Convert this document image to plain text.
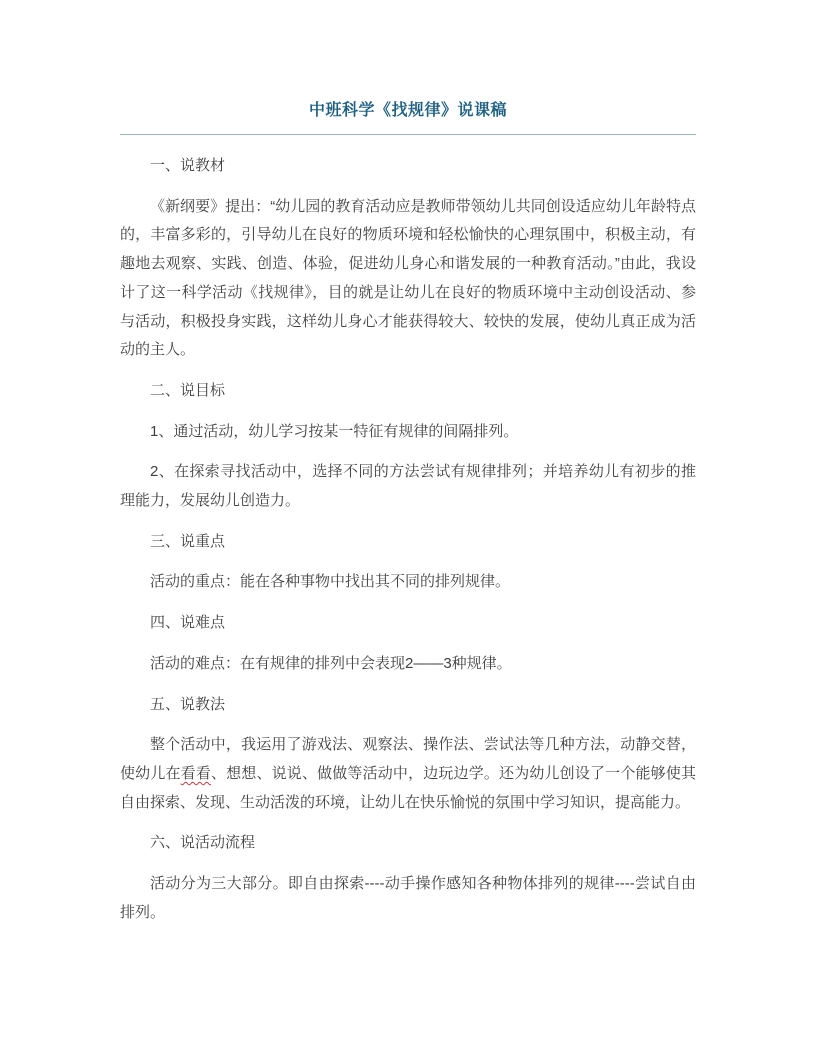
中班科学《找规律》说课稿

一、说教材

《新纲要》提出：“幼儿园的教育活动应是教师带领幼儿共同创设适应幼儿年龄特点的，丰富多彩的，引导幼儿在良好的物质环境和轻松愉快的心理氛围中，积极主动，有趣地去观察、实践、创造、体验，促进幼儿身心和谐发展的一种教育活动。”由此，我设计了这一科学活动《找规律》，目的就是让幼儿在良好的物质环境中主动创设活动、参与活动，积极投身实践，这样幼儿身心才能获得较大、较快的发展，使幼儿真正成为活动的主人。

二、说目标

1、通过活动，幼儿学习按某一特征有规律的间隔排列。

2、在探索寻找活动中，选择不同的方法尝试有规律排列；并培养幼儿有初步的推理能力，发展幼儿创造力。

三、说重点

活动的重点：能在各种事物中找出其不同的排列规律。

四、说难点

活动的难点：在有规律的排列中会表现2——3种规律。

五、说教法

整个活动中，我运用了游戏法、观察法、操作法、尝试法等几种方法，动静交替，使幼儿在看看、想想、说说、做做等活动中，边玩边学。还为幼儿创设了一个能够使其自由探索、发现、生动活泼的环境，让幼儿在快乐愉悦的氛围中学习知识，提高能力。

六、说活动流程

活动分为三大部分。即自由探索----动手操作感知各种物体排列的规律----尝试自由排列。
